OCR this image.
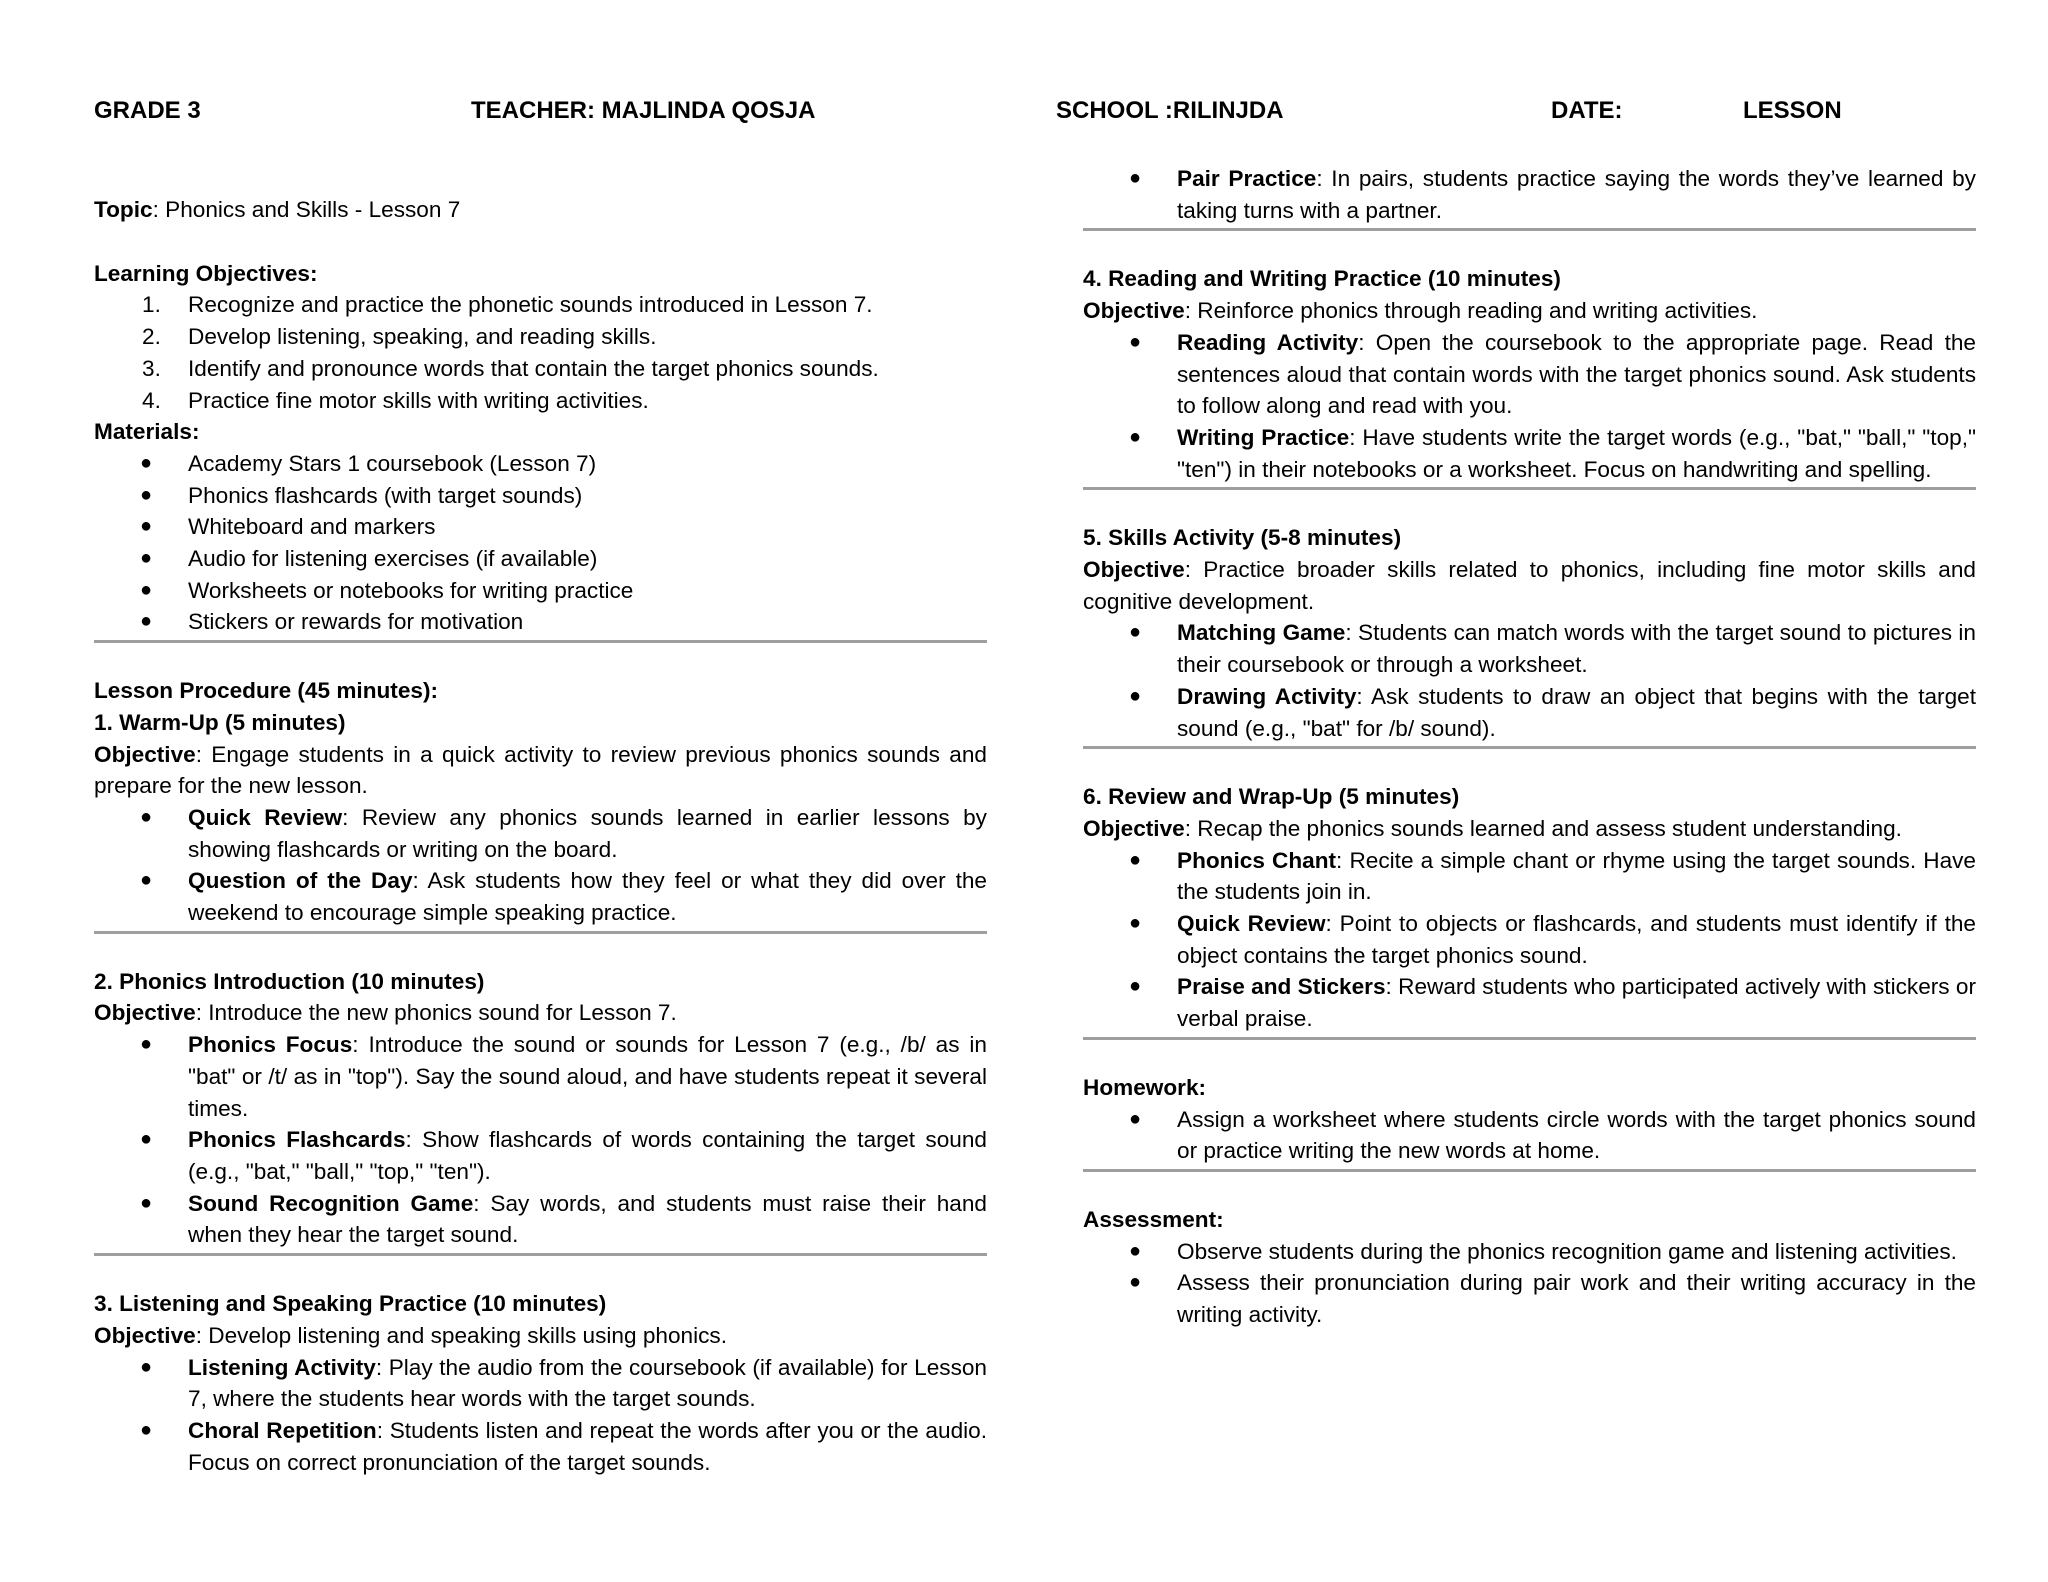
GRADE 3	TEACHER: MAJLINDA QOSJA	SCHOOL :RILINJDA	DATE:	LESSON

Topic: Phonics and Skills - Lesson 7

Learning Objectives:

1. Recognize and practice the phonetic sounds introduced in Lesson 7.
2. Develop listening, speaking, and reading skills.
3. Identify and pronounce words that contain the target phonics sounds.
4. Practice fine motor skills with writing activities.

Materials:

● Academy Stars 1 coursebook (Lesson 7)
● Phonics flashcards (with target sounds)
● Whiteboard and markers
● Audio for listening exercises (if available)
● Worksheets or notebooks for writing practice
● Stickers or rewards for motivation

Lesson Procedure (45 minutes):

1. Warm-Up (5 minutes)

Objective: Engage students in a quick activity to review previous phonics sounds and prepare for the new lesson.

● Quick Review: Review any phonics sounds learned in earlier lessons by showing flashcards or writing on the board.
● Question of the Day: Ask students how they feel or what they did over the weekend to encourage simple speaking practice.

2. Phonics Introduction (10 minutes)

Objective: Introduce the new phonics sound for Lesson 7.

● Phonics Focus: Introduce the sound or sounds for Lesson 7 (e.g., /b/ as in "bat" or /t/ as in "top"). Say the sound aloud, and have students repeat it several times.
● Phonics Flashcards: Show flashcards of words containing the target sound (e.g., "bat," "ball," "top," "ten").
● Sound Recognition Game: Say words, and students must raise their hand when they hear the target sound.

3. Listening and Speaking Practice (10 minutes)

Objective: Develop listening and speaking skills using phonics.

● Listening Activity: Play the audio from the coursebook (if available) for Lesson 7, where the students hear words with the target sounds.
● Choral Repetition: Students listen and repeat the words after you or the audio. Focus on correct pronunciation of the target sounds.
● Pair Practice: In pairs, students practice saying the words they’ve learned by taking turns with a partner.

4. Reading and Writing Practice (10 minutes)

Objective: Reinforce phonics through reading and writing activities.

● Reading Activity: Open the coursebook to the appropriate page. Read the sentences aloud that contain words with the target phonics sound. Ask students to follow along and read with you.
● Writing Practice: Have students write the target words (e.g., "bat," "ball," "top," "ten") in their notebooks or a worksheet. Focus on handwriting and spelling.

5. Skills Activity (5-8 minutes)

Objective: Practice broader skills related to phonics, including fine motor skills and cognitive development.

● Matching Game: Students can match words with the target sound to pictures in their coursebook or through a worksheet.
● Drawing Activity: Ask students to draw an object that begins with the target sound (e.g., "bat" for /b/ sound).

6. Review and Wrap-Up (5 minutes)

Objective: Recap the phonics sounds learned and assess student understanding.

● Phonics Chant: Recite a simple chant or rhyme using the target sounds. Have the students join in.
● Quick Review: Point to objects or flashcards, and students must identify if the object contains the target phonics sound.
● Praise and Stickers: Reward students who participated actively with stickers or verbal praise.

Homework:

● Assign a worksheet where students circle words with the target phonics sound or practice writing the new words at home.

Assessment:

● Observe students during the phonics recognition game and listening activities.
● Assess their pronunciation during pair work and their writing accuracy in the writing activity.
